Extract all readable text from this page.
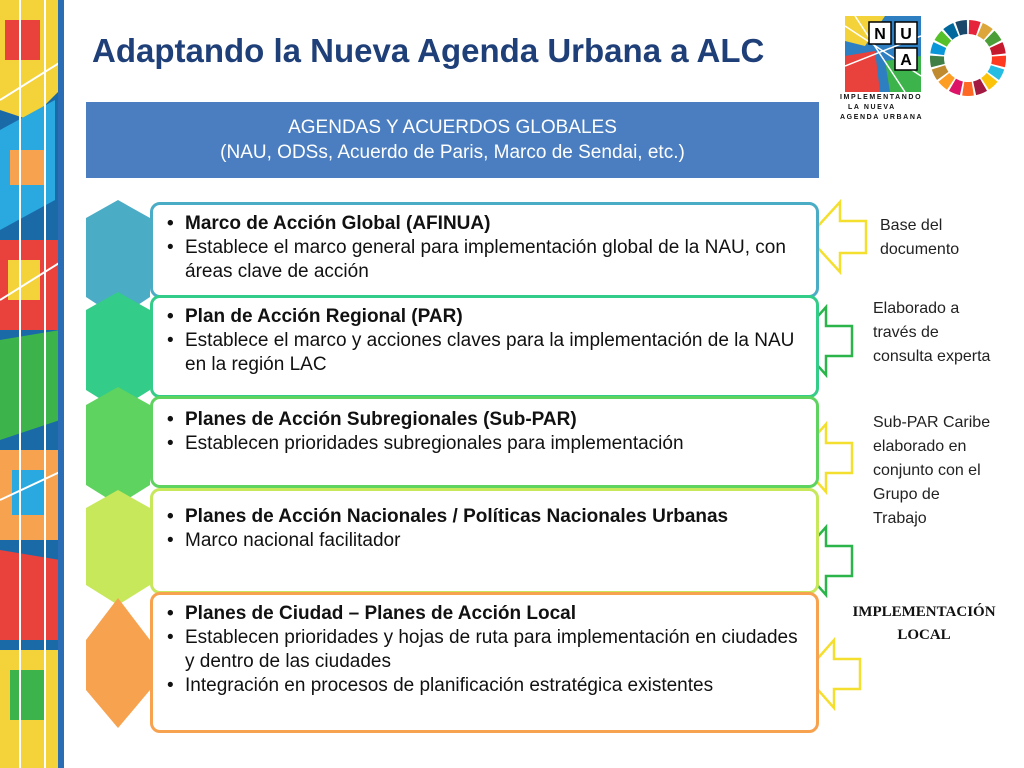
Adaptando la Nueva Agenda Urbana a ALC	N U
A
IMPLEMENTANDO
LA NUEVA
AGENDA URBANA
AGENDAS Y ACUERDOS GLOBALES
(NAU, ODSs, Acuerdo de Paris, Marco de Sendai, etc.)
• Marco de Acción Global (AFINUA)
• Establece el marco general para implementación global de la NAU, con áreas clave de acción
• Plan de Acción Regional (PAR)
• Establece el marco y acciones claves para la implementación de la NAU en la región LAC
• Planes de Acción Subregionales (Sub-PAR)
• Establecen prioridades subregionales para implementación
• Planes de Acción Nacionales / Políticas Nacionales Urbanas
• Marco nacional facilitador
• Planes de Ciudad – Planes de Acción Local
• Establecen prioridades y hojas de ruta para implementación en ciudades y dentro de las ciudades
• Integración en procesos de planificación estratégica existentes
Base del
documento
Elaborado a
través de
consulta experta
Sub-PAR Caribe
elaborado en
conjunto con el
Grupo de
Trabajo
IMPLEMENTACIÓN
LOCAL
